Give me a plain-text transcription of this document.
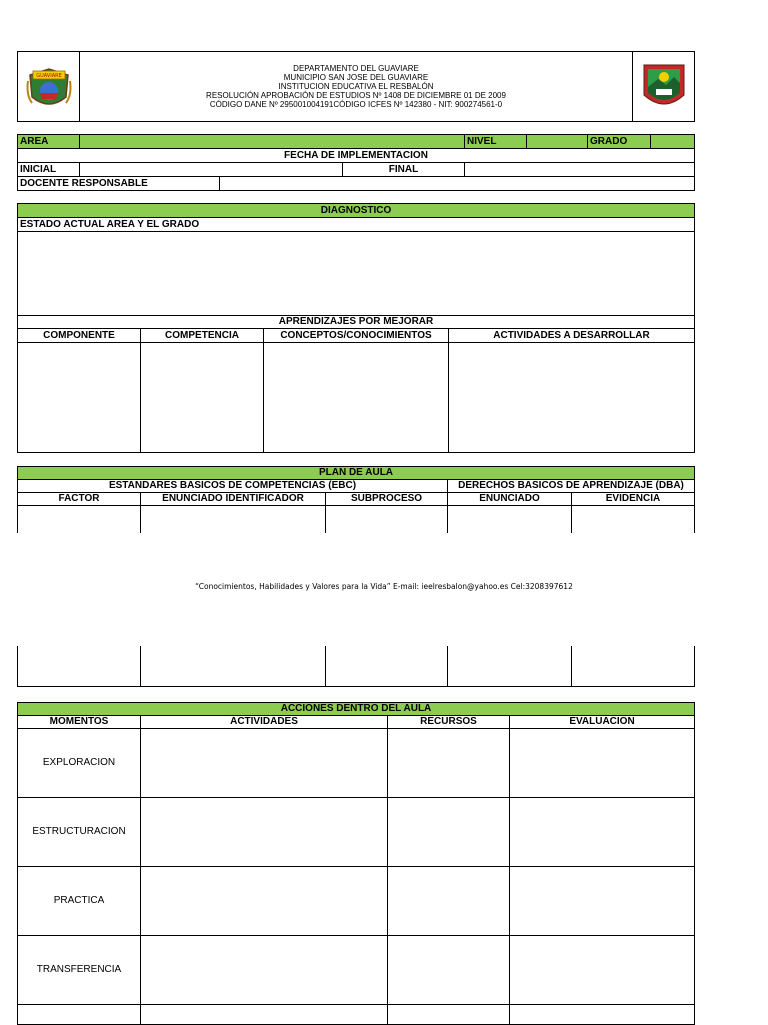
GUAVIARE

DEPARTAMENTO DEL GUAVIARE
MUNICIPIO SAN JOSE DEL GUAVIARE
INSTITUCION EDUCATIVA EL RESBALÓN
RESOLUCIÓN APROBACIÓN DE ESTUDIOS Nº 1408 DE DICIEMBRE 01 DE 2009
CÓDIGO DANE Nº 295001004191CÓDIGO ICFES Nº 142380 - NIT: 900274561-0

AREA				NIVEL		GRADO	
FECHA DE IMPLEMENTACION							
INICIAL			FINAL				
DOCENTE RESPONSABLE							
DIAGNOSTICO			
ESTADO ACTUAL AREA Y EL GRADO			

APRENDIZAJES POR MEJORAR			
COMPONENTE	COMPETENCIA	CONCEPTOS/CONOCIMIENTOS	ACTIVIDADES A DESARROLLAR

PLAN DE AULA				
ESTANDARES BASICOS DE COMPETENCIAS (EBC)			DERECHOS BASICOS DE APRENDIZAJE (DBA)	
FACTOR	ENUNCIADO IDENTIFICADOR	SUBPROCESO	ENUNCIADO	EVIDENCIA

“Conocimientos, Habilidades y Valores para la Vida” E-mail: ieelresbalon@yahoo.es Cel:3208397612

ACCIONES DENTRO DEL AULA			
MOMENTOS	ACTIVIDADES	RECURSOS	EVALUACION
EXPLORACION			
ESTRUCTURACION			
PRACTICA			
TRANSFERENCIA			
